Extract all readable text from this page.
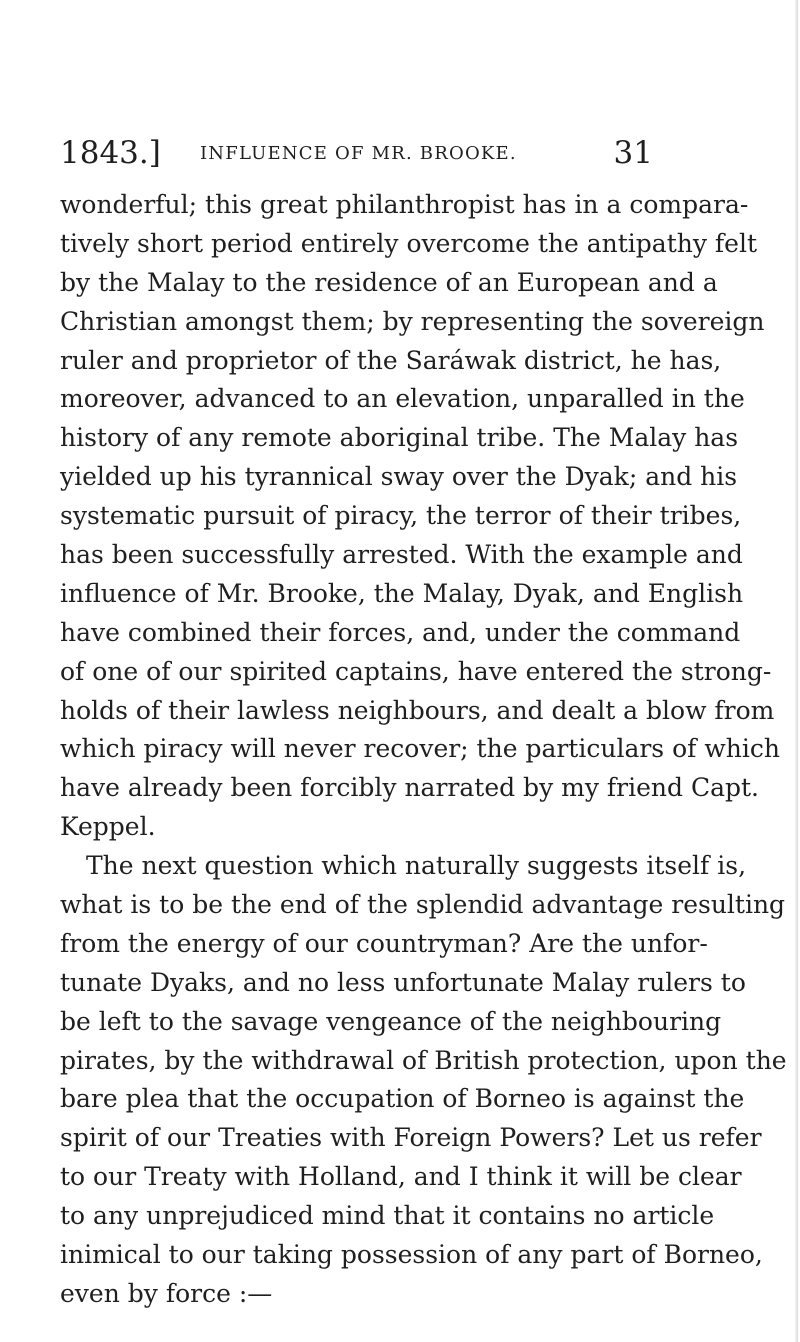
1843.] INFLUENCE OF MR. BROOKE.	31
wonderful; this great philanthropist has in a compara-
tively short period entirely overcome the antipathy felt
by the Malay to the residence of an European and a
Christian amongst them; by representing the sovereign
ruler and proprietor of the Saráwak district, he has,
moreover, advanced to an elevation, unparalled in the
history of any remote aboriginal tribe. The Malay has
yielded up his tyrannical sway over the Dyak; and his
systematic pursuit of piracy, the terror of their tribes,
has been successfully arrested. With the example and
influence of Mr. Brooke, the Malay, Dyak, and English
have combined their forces, and, under the command
of one of our spirited captains, have entered the strong-
holds of their lawless neighbours, and dealt a blow from
which piracy will never recover; the particulars of which
have already been forcibly narrated by my friend Capt.
Keppel.
The next question which naturally suggests itself is,
what is to be the end of the splendid advantage resulting
from the energy of our countryman? Are the unfor-
tunate Dyaks, and no less unfortunate Malay rulers to
be left to the savage vengeance of the neighbouring
pirates, by the withdrawal of British protection, upon the
bare plea that the occupation of Borneo is against the
spirit of our Treaties with Foreign Powers? Let us refer
to our Treaty with Holland, and I think it will be clear
to any unprejudiced mind that it contains no article
inimical to our taking possession of any part of Borneo,
even by force :—
